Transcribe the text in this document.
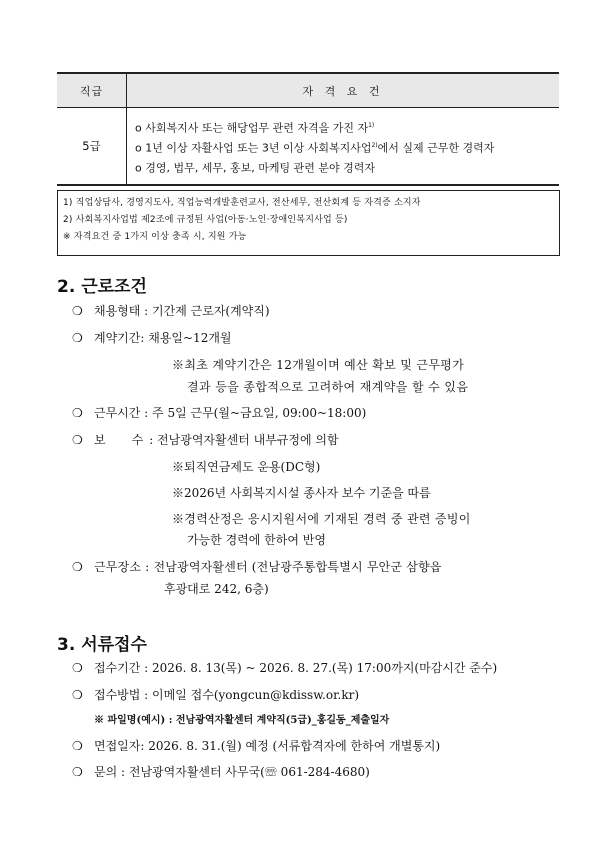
직급	자 격 요 건
5급	o 사회복지사 또는 해당업무 관련 자격을 가진 자$^{1)}$
o 1년 이상 자활사업 또는 3년 이상 사회복지사업$^{2)}$에서 실제 근무한 경력자
o 경영, 법무, 세무, 홍보, 마케팅 관련 분야 경력자
1) 직업상담사, 경영지도사, 직업능력개발훈련교사, 전산세무, 전산회계 등 자격증 소지자
2) 사회복지사업법 제2조에 규정된 사업(아동·노인·장애인복지사업 등)
※ 자격요건 중 1가지 이상 충족 시, 지원 가능
2. 근로조건
❍ 채용형태 : 기간제 근로자(계약직)
❍ 계약기간: 채용일~12개월
※최초 계약기간은 12개월이며 예산 확보 및 근무평가
결과 등을 종합적으로 고려하여 재계약을 할 수 있음
❍ 근무시간 : 주 5일 근무(월~금요일, 09:00~18:00)
❍ 보 수 : 전남광역자활센터 내부규정에 의함
※퇴직연금제도 운용(DC형)
※2026년 사회복지시설 종사자 보수 기준을 따름
※경력산정은 응시지원서에 기재된 경력 중 관련 증빙이
가능한 경력에 한하여 반영
❍ 근무장소 : 전남광역자활센터 (전남광주통합특별시 무안군 삼향읍
후광대로 242, 6층)
3. 서류접수
❍ 접수기간 : 2026. 8. 13(목) ~ 2026. 8. 27.(목) 17:00까지(마감시간 준수)
❍ 접수방법 : 이메일 접수(yongcun@kdissw.or.kr)
※ 파일명(예시) : 전남광역자활센터 계약직(5급)_홍길동_제출일자
❍ 면접일자: 2026. 8. 31.(월) 예정 (서류합격자에 한하여 개별통지)
❍ 문의 : 전남광역자활센터 사무국(☏ 061-284-4680)
